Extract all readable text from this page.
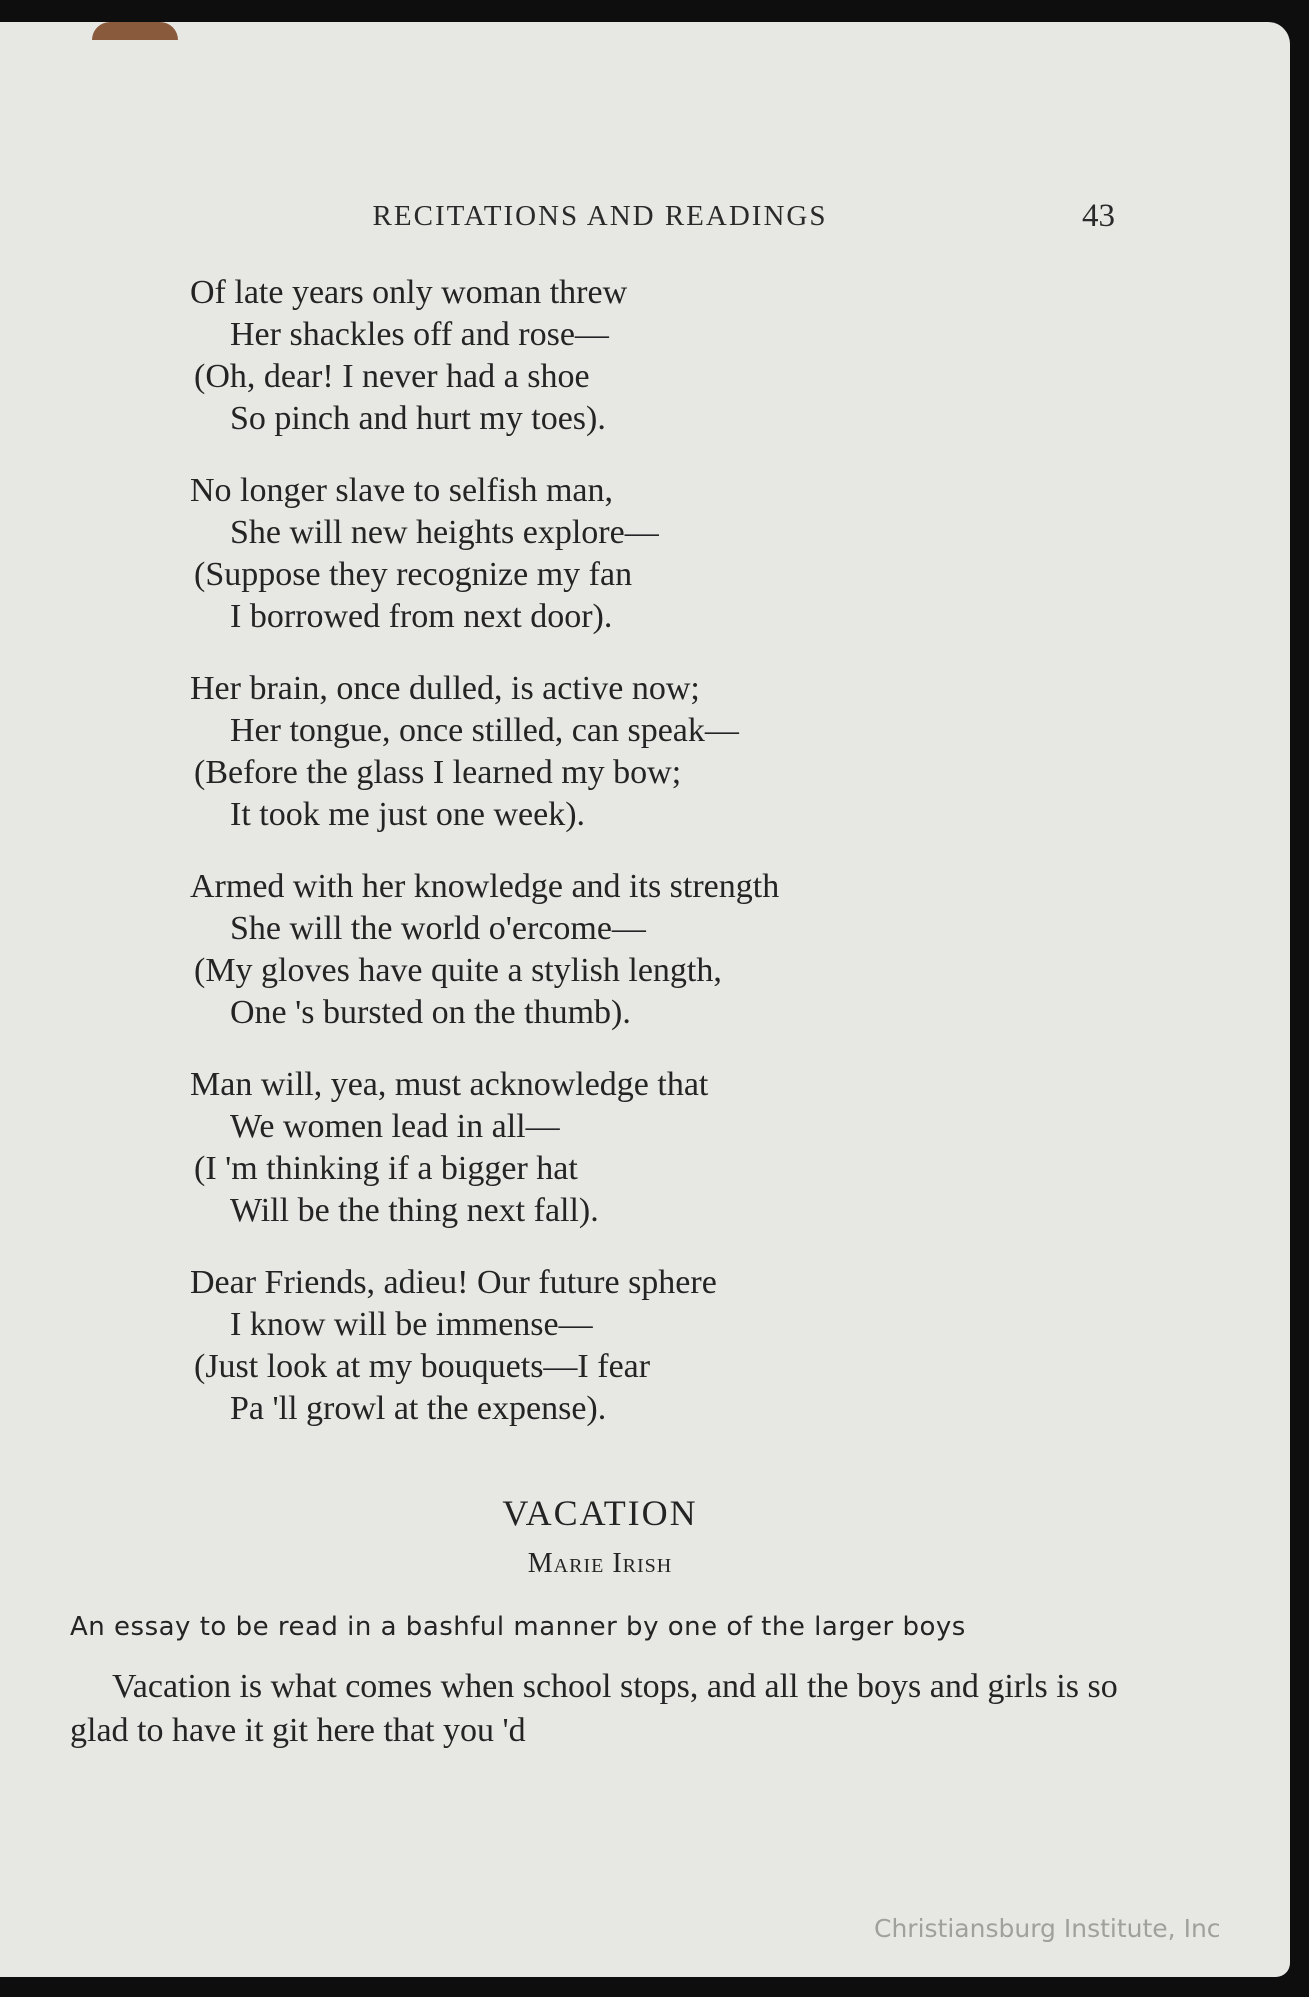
RECITATIONS AND READINGS	43
Of late years only woman threw
Her shackles off and rose—
(Oh, dear! I never had a shoe
So pinch and hurt my toes).
No longer slave to selfish man,
She will new heights explore—
(Suppose they recognize my fan
I borrowed from next door).
Her brain, once dulled, is active now;
Her tongue, once stilled, can speak—
(Before the glass I learned my bow;
It took me just one week).
Armed with her knowledge and its strength
She will the world o'ercome—
(My gloves have quite a stylish length,
One 's bursted on the thumb).
Man will, yea, must acknowledge that
We women lead in all—
(I 'm thinking if a bigger hat
Will be the thing next fall).
Dear Friends, adieu! Our future sphere
I know will be immense—
(Just look at my bouquets—I fear
Pa 'll growl at the expense).
VACATION
Marie Irish
An essay to be read in a bashful manner by one of the larger boys
Vacation is what comes when school stops, and all the boys and girls is so glad to have it git here that you 'd
Christiansburg Institute, Inc
